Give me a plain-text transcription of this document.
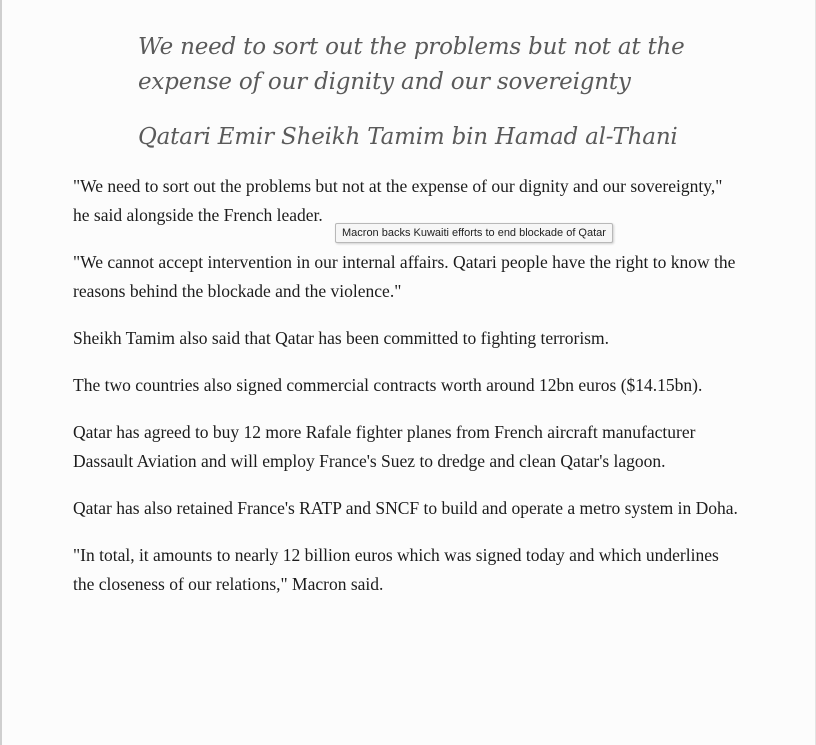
We need to sort out the problems but not at the expense of our dignity and our sovereignty

Qatari Emir Sheikh Tamim bin Hamad al-Thani

"We need to sort out the problems but not at the expense of our dignity and our sovereignty," he said alongside the French leader.

"We cannot accept intervention in our internal affairs. Qatari people have the right to know the reasons behind the blockade and the violence."

Sheikh Tamim also said that Qatar has been committed to fighting terrorism.

The two countries also signed commercial contracts worth around 12bn euros ($14.15bn).

Qatar has agreed to buy 12 more Rafale fighter planes from French aircraft manufacturer Dassault Aviation and will employ France's Suez to dredge and clean Qatar's lagoon.

Qatar has also retained France's RATP and SNCF to build and operate a metro system in Doha.

"In total, it amounts to nearly 12 billion euros which was signed today and which underlines the closeness of our relations," Macron said.

Macron backs Kuwaiti efforts to end blockade of Qatar
